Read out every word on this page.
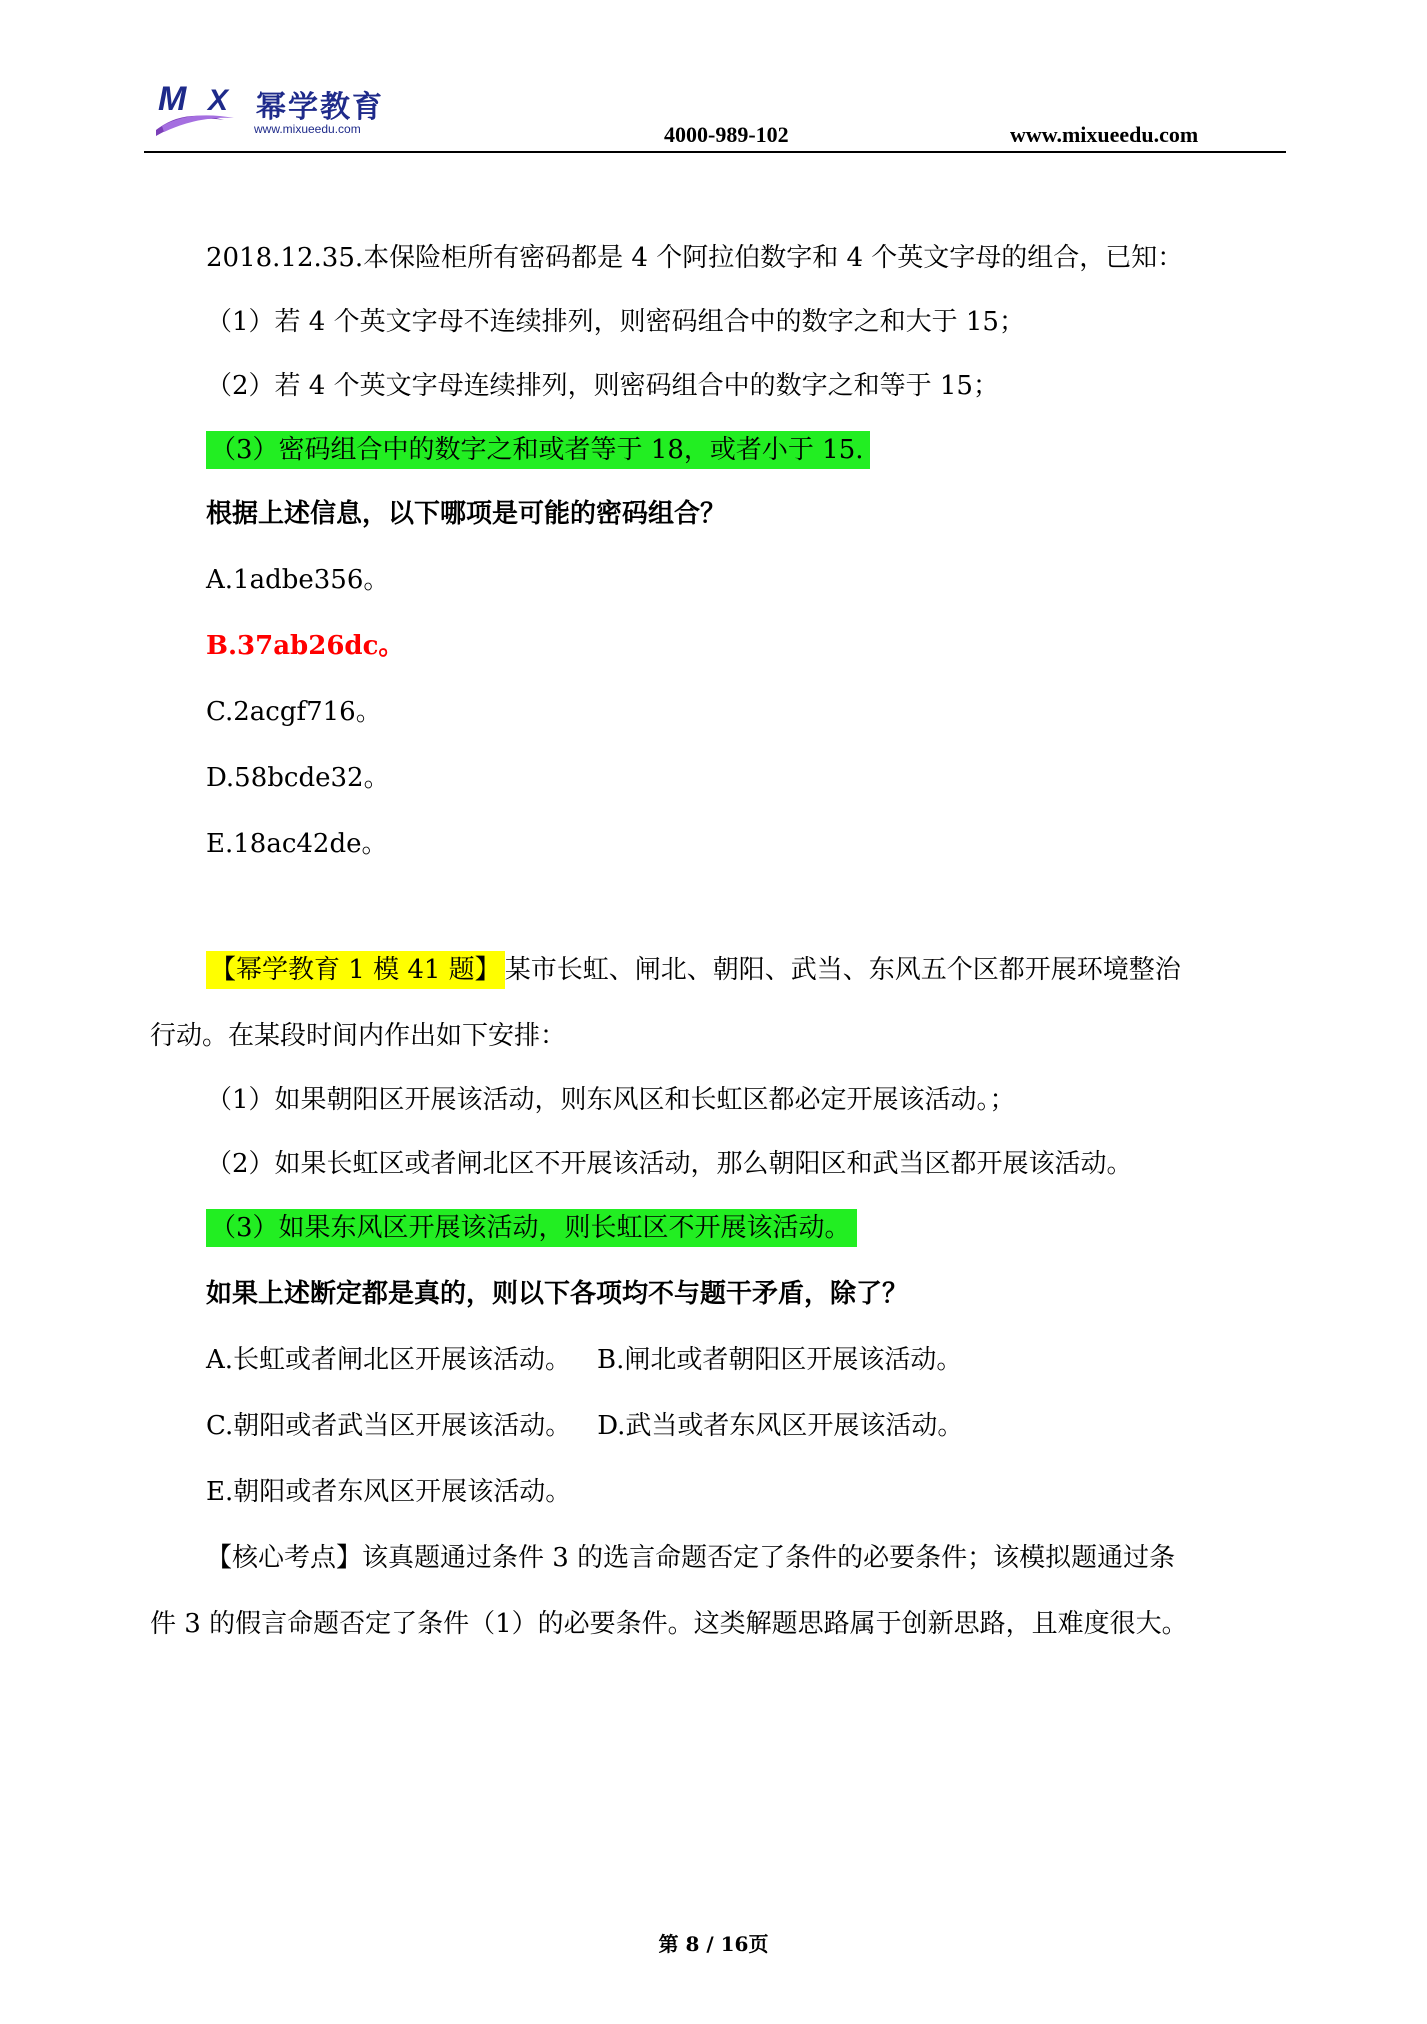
M X 幂学教育
www.mixueedu.com	4000-989-102	www.mixueedu.com
2018.12.35.本保险柜所有密码都是 4 个阿拉伯数字和 4 个英文字母的组合，已知：
（1）若 4 个英文字母不连续排列，则密码组合中的数字之和大于 15；
（2）若 4 个英文字母连续排列，则密码组合中的数字之和等于 15；
（3）密码组合中的数字之和或者等于 18，或者小于 15.
根据上述信息，以下哪项是可能的密码组合？
A.1adbe356。
B.37ab26dc。
C.2acgf716。
D.58bcde32。
E.18ac42de。
【幂学教育 1 模 41 题】 某市长虹、闸北、朝阳、武当、东风五个区都开展环境整治
行动。在某段时间内作出如下安排：
（1）如果朝阳区开展该活动，则东风区和长虹区都必定开展该活动。；
（2）如果长虹区或者闸北区不开展该活动，那么朝阳区和武当区都开展该活动。
（3）如果东风区开展该活动，则长虹区不开展该活动。
如果上述断定都是真的，则以下各项均不与题干矛盾，除了？
A.长虹或者闸北区开展该活动。 B.闸北或者朝阳区开展该活动。
C.朝阳或者武当区开展该活动。 D.武当或者东风区开展该活动。
E.朝阳或者东风区开展该活动。
【核心考点】该真题通过条件 3 的选言命题否定了条件的必要条件；该模拟题通过条
件 3 的假言命题否定了条件（1）的必要条件。这类解题思路属于创新思路，且难度很大。
第 8 / 16页
